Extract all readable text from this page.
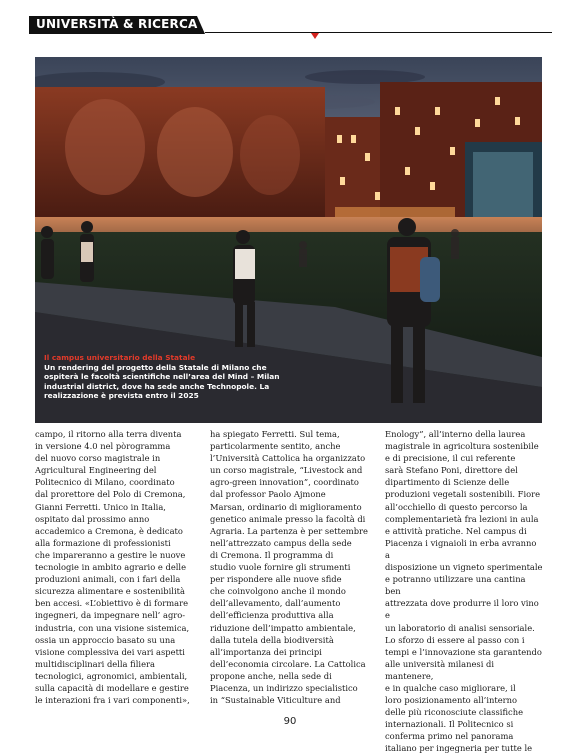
UNIVERSITÀ & RICERCA
Il campus universitario della Statale
Un rendering del progetto della Statale di Milano che ospiterà le facoltà scientifiche nell’area del Mind – Milan industrial district, dove ha sede anche Technopole. La realizzazione è prevista entro il 2025
campo, il ritorno alla terra diventa
in versione 4.0 nel pòrogramma
del nuovo corso magistrale in
Agricultural Engineering del
Politecnico di Milano, coordinato
dal prorettore del Polo di Cremona,
Gianni Ferretti. Unico in Italia,
ospitato dal prossimo anno
accademico a Cremona, è dedicato
alla formazione di professionisti
che impareranno a gestire le nuove
tecnologie in ambito agrario e delle
produzioni animali, con i fari della
sicurezza alimentare e sostenibilità
ben accesi. «L’obiettivo è di formare
ingegneri, da impegnare nell’ agro-
industria, con una visione sistemica,
ossia un approccio basato su una
visione complessiva dei vari aspetti
multidisciplinari della filiera
tecnologici, agronomici, ambientali,
sulla capacità di modellare e gestire
le interazioni fra i vari componenti»,
ha spiegato Ferretti. Sul tema,
particolarmente sentito, anche
l’Università Cattolica ha organizzato
un corso magistrale, “Livestock and
agro-green innovation”, coordinato
dal professor Paolo Ajmone
Marsan, ordinario di miglioramento
genetico animale presso la facoltà di
Agraria. La partenza è per settembre
nell’attrezzato campus della sede
di Cremona. Il programma di
studio vuole fornire gli strumenti
per rispondere alle nuove sfide
che coinvolgono anche il mondo
dell’allevamento, dall’aumento
dell’efficienza produttiva alla
riduzione dell’impatto ambientale,
dalla tutela della biodiversità
all’importanza dei principi
dell’economia circolare. La Cattolica
propone anche, nella sede di
Piacenza, un indirizzo specialistico
in “Sustainable Viticulture and
Enology”, all’interno della laurea
magistrale in agricoltura sostenibile
e di precisione, il cui referente
sarà Stefano Poni, direttore del
dipartimento di Scienze delle
produzioni vegetali sostenibili. Fiore
all’occhiello di questo percorso la
complementarietà fra lezioni in aula
e attività pratiche. Nel campus di
Piacenza i vignaioli in erba avranno a
disposizione un vigneto sperimentale
e potranno utilizzare una cantina ben
attrezzata dove produrre il loro vino e
un laboratorio di analisi sensoriale.
Lo sforzo di essere al passo con i
tempi e l’innovazione sta garantendo
alle università milanesi di mantenere,
e in qualche caso migliorare, il
loro posizionamento all’interno
delle più riconosciute classifiche
internazionali. Il Politecnico si
conferma primo nel panorama
italiano per ingegneria per tutte le
90
